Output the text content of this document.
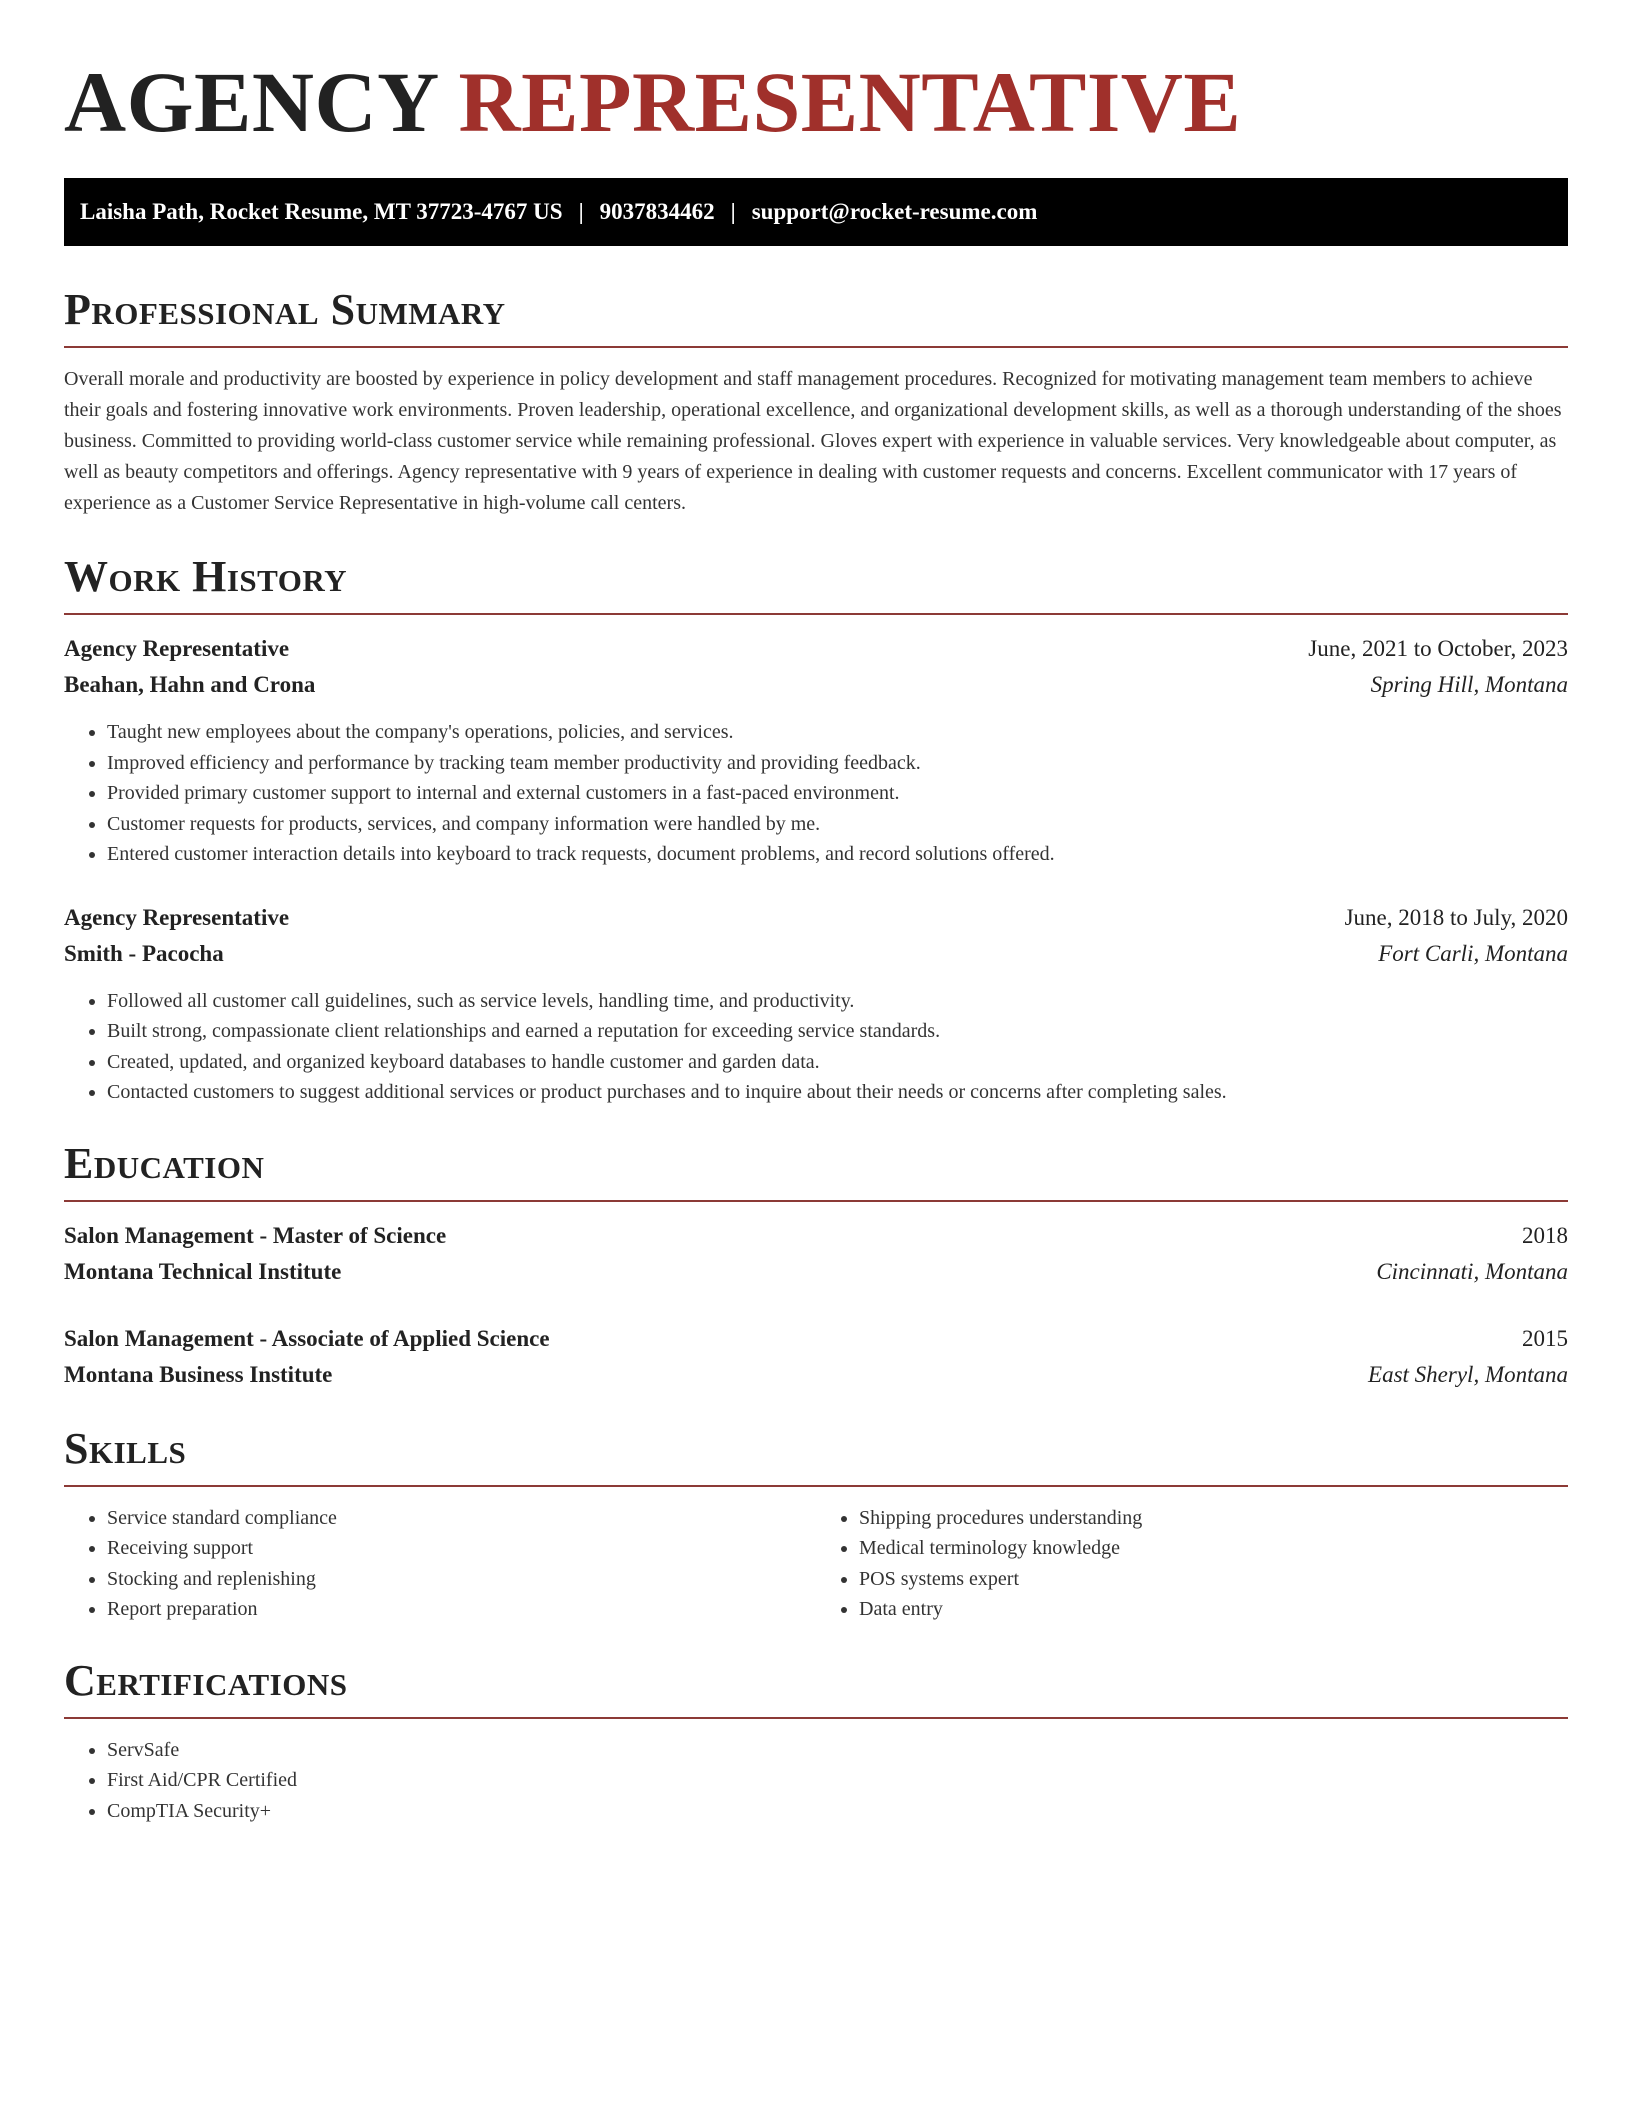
AGENCY REPRESENTATIVE
Laisha Path, Rocket Resume, MT 37723-4767 US | 9037834462 | support@rocket-resume.com
Professional Summary

Overall morale and productivity are boosted by experience in policy development and staff management procedures. Recognized for motivating management team members to achieve their goals and fostering innovative work environments. Proven leadership, operational excellence, and organizational development skills, as well as a thorough understanding of the shoes business. Committed to providing world-class customer service while remaining professional. Gloves expert with experience in valuable services. Very knowledgeable about computer, as well as beauty competitors and offerings. Agency representative with 9 years of experience in dealing with customer requests and concerns. Excellent communicator with 17 years of experience as a Customer Service Representative in high-volume call centers.

Work History
Agency Representative	June, 2021 to October, 2023
Beahan, Hahn and Crona	Spring Hill, Montana
• Taught new employees about the company's operations, policies, and services.
• Improved efficiency and performance by tracking team member productivity and providing feedback.
• Provided primary customer support to internal and external customers in a fast-paced environment.
• Customer requests for products, services, and company information were handled by me.
• Entered customer interaction details into keyboard to track requests, document problems, and record solutions offered.
Agency Representative	June, 2018 to July, 2020
Smith - Pacocha	Fort Carli, Montana
• Followed all customer call guidelines, such as service levels, handling time, and productivity.
• Built strong, compassionate client relationships and earned a reputation for exceeding service standards.
• Created, updated, and organized keyboard databases to handle customer and garden data.
• Contacted customers to suggest additional services or product purchases and to inquire about their needs or concerns after completing sales.
Education
Salon Management - Master of Science	2018
Montana Technical Institute	Cincinnati, Montana
Salon Management - Associate of Applied Science	2015
Montana Business Institute	East Sheryl, Montana
Skills
• Service standard compliance
• Receiving support
• Stocking and replenishing
• Report preparation
• Shipping procedures understanding
• Medical terminology knowledge
• POS systems expert
• Data entry
Certifications
• ServSafe
• First Aid/CPR Certified
• CompTIA Security+
